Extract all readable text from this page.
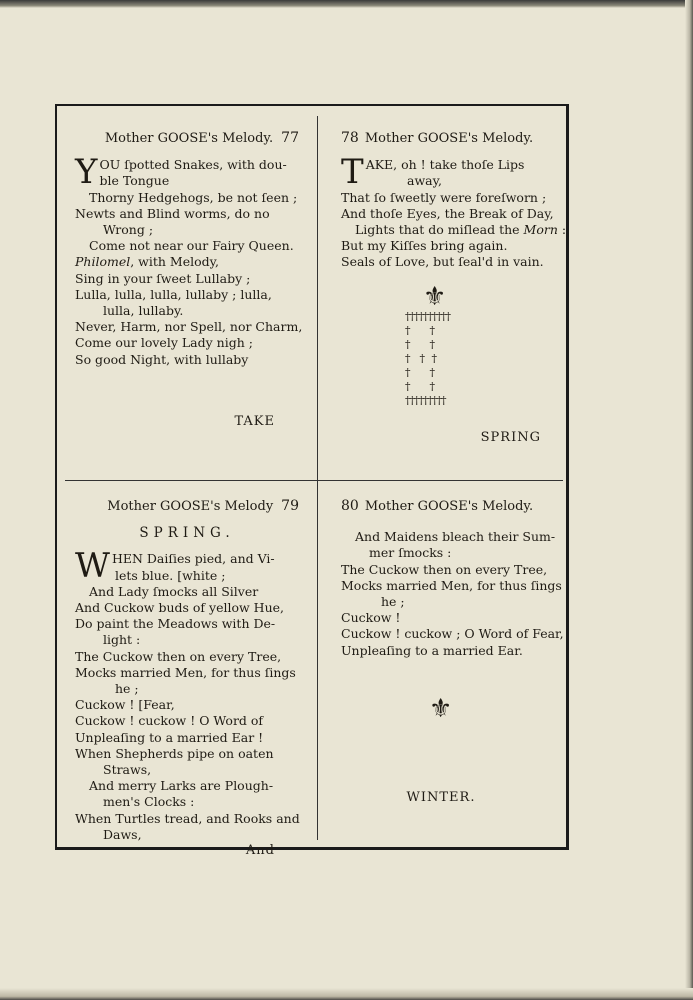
Mother GOOSE's Melody. 77
Y OU ſpotted Snakes, with dou-
ble Tongue
Thorny Hedgehogs, be not ſeen ;
Newts and Blind worms, do no
Wrong ;
Come not near our Fairy Queen.
Philomel, with Melody,
Sing in your ſweet Lullaby ;
Lulla, lulla, lulla, lullaby ; lulla,
lulla, lullaby.
Never, Harm, nor Spell, nor Charm,
Come our lovely Lady nigh ;
So good Night, with lullaby
TAKE
78 Mother GOOSE's Melody.
T AKE, oh ! take thoſe Lips
away,
That ſo ſweetly were foreſworn ;
And thoſe Eyes, the Break of Day,
Lights that do miſlead the Morn :
But my Kiſſes bring again.
Seals of Love, but ſeal'd in vain.
⚜
††††††††††
†        †
†        †
†    †   †
†        †
†        †
†††††††††
SPRING
Mother GOOSE's Melody 79
SPRING.
W HEN Daiſies pied, and Vi-
lets blue. [white ;
And Lady ſmocks all Silver
And Cuckow buds of yellow Hue,
Do paint the Meadows with De-
light :
The Cuckow then on every Tree,
Mocks married Men, for thus ſings
he ;
Cuckow ! [Fear,
Cuckow ! cuckow ! O Word of
Unpleaſing to a married Ear !
When Shepherds pipe on oaten
Straws,
And merry Larks are Plough-
men's Clocks :
When Turtles tread, and Rooks and
Daws,
And
80 Mother GOOSE's Melody.
And Maidens bleach their Sum-
mer ſmocks :
The Cuckow then on every Tree,
Mocks married Men, for thus ſings
he ;
Cuckow !
Cuckow ! cuckow ; O Word of Fear,
Unpleaſing to a married Ear.
⚜
WINTER.
